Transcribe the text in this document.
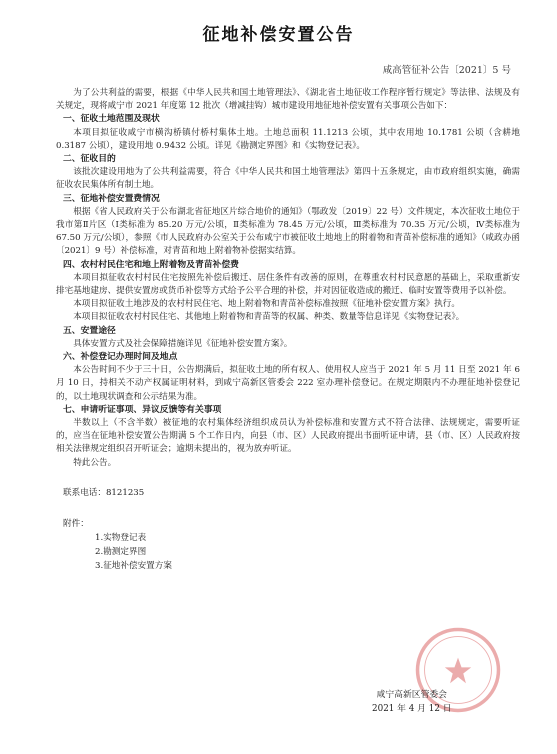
征地补偿安置公告
咸高管征补公告〔2021〕5 号

为了公共利益的需要，根据《中华人民共和国土地管理法》、《湖北省土地征收工作程序暂行规定》等法律、法规及有关规定，现将咸宁市 2021 年度第 12 批次（增减挂钩）城市建设用地征地补偿安置有关事项公告如下：

一、征收土地范围及现状

本项目拟征收咸宁市横沟桥镇付桥村集体土地。土地总面积 11.1213 公顷，其中农用地 10.1781 公顷（含耕地 0.3187 公顷），建设用地 0.9432 公顷。详见《勘测定界图》和《实物登记表》。

二、征收目的

该批次建设用地为了公共利益需要，符合《中华人民共和国土地管理法》第四十五条规定，由市政府组织实施，确需征收农民集体所有制土地。

三、征地补偿安置费情况

根据《省人民政府关于公布湖北省征地区片综合地价的通知》（鄂政发〔2019〕22 号）文件规定，本次征收土地位于我市第Ⅱ片区（Ⅰ类标准为 85.20 万元/公顷，Ⅱ类标准为 78.45 万元/公顷，Ⅲ类标准为 70.35 万元/公顷，Ⅳ类标准为 67.50 万元/公顷），参照《市人民政府办公室关于公布咸宁市被征收土地地上的附着物和青苗补偿标准的通知》（咸政办函〔2021〕9 号）补偿标准，对青苗和地上附着物补偿据实结算。

四、农村村民住宅和地上附着物及青苗补偿费

本项目拟征收农村村民住宅按照先补偿后搬迁、居住条件有改善的原则，在尊重农村村民意愿的基础上，采取重新安排宅基地建房、提供安置房或货币补偿等方式给予公平合理的补偿，并对因征收造成的搬迁、临时安置等费用予以补偿。

本项目拟征收土地涉及的农村村民住宅、地上附着物和青苗补偿标准按照《征地补偿安置方案》执行。

本项目拟征收农村村民住宅、其他地上附着物和青苗等的权属、种类、数量等信息详见《实物登记表》。

五、安置途径

具体安置方式及社会保障措施详见《征地补偿安置方案》。

六、补偿登记办理时间及地点

本公告时间不少于三十日，公告期满后，拟征收土地的所有权人、使用权人应当于 2021 年 5 月 11 日至 2021 年 6 月 10 日，持相关不动产权属证明材料，到咸宁高新区管委会 222 室办理补偿登记。在规定期限内不办理征地补偿登记的，以土地现状调查和公示结果为准。

七、申请听证事项、异议反馈等有关事项

半数以上（不含半数）被征地的农村集体经济组织成员认为补偿标准和安置方式不符合法律、法规规定，需要听证的，应当在征地补偿安置公告期满 5 个工作日内，向县（市、区）人民政府提出书面听证申请，县（市、区）人民政府按相关法律规定组织召开听证会；逾期未提出的，视为放弃听证。

特此公告。

联系电话：8121235

附件：

1.实物登记表

2.勘测定界图

3.征地补偿安置方案

咸宁高新区管委会
2021 年 4 月 12 日
